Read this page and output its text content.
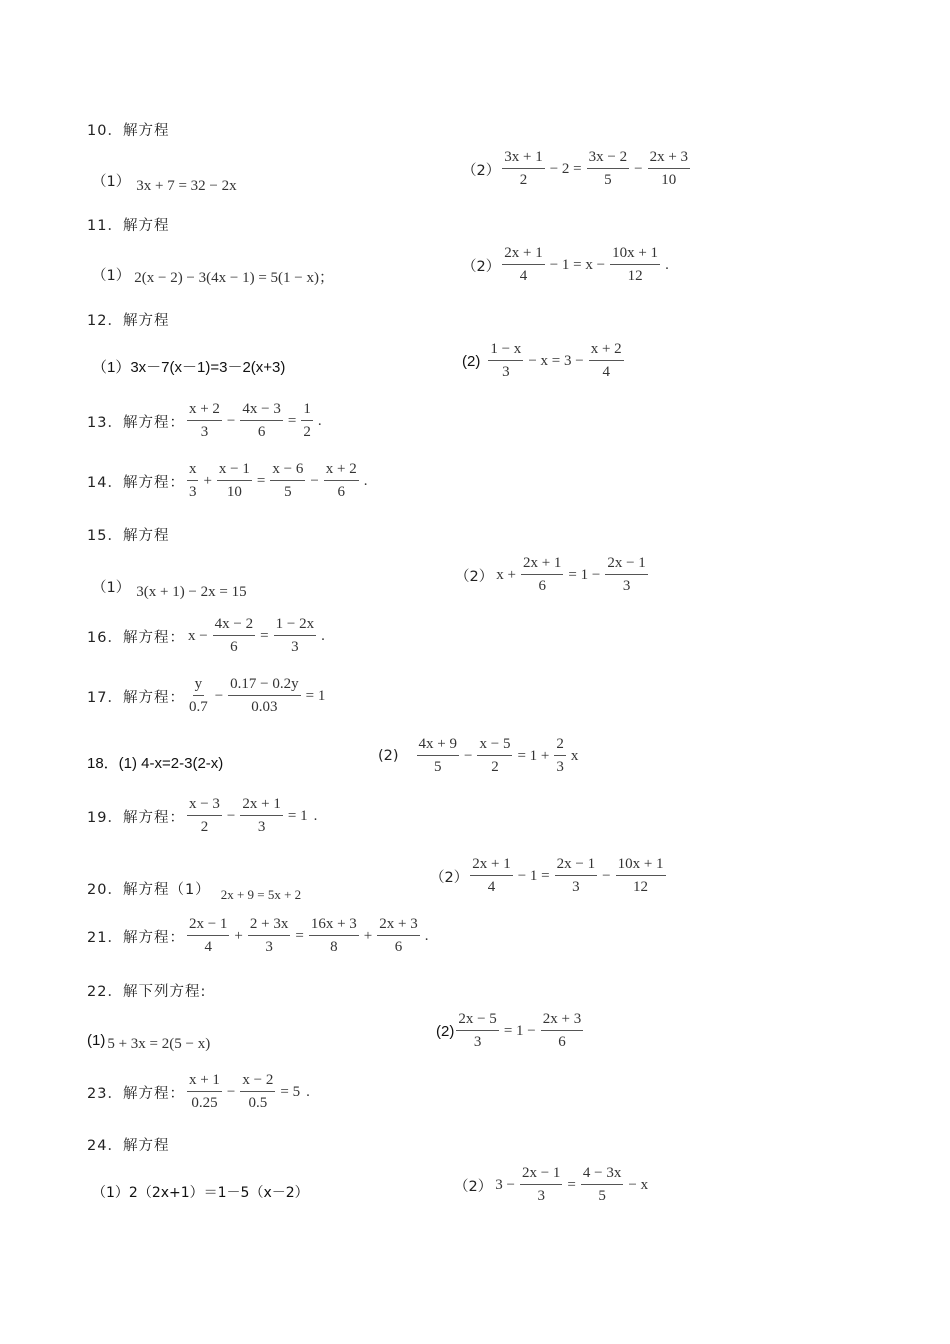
10．解方程
（1） 3x + 7 = 32 − 2x
$(2) \frac{3x + 1}{2} - 2 = \frac{3x - 2}{5} - \frac{2x + 3}{10}$
11．解方程
（1） 2(x − 2) − 3(4x − 1) = 5(1 − x)；
$(2) \frac{2x + 1}{4} - 1 = x - \frac{10x + 1}{12}$ .
12．解方程
（1）3x－7(x－1)=3－2(x+3)	$(2) \frac{1 - x}{3} - x = 3 - \frac{x + 2}{4}$
13．解方程： $\frac{x + 2}{3} - \frac{4x - 3}{6} = \frac{1}{2}$ .
14．解方程： $\frac{x}{3} + \frac{x - 1}{10} = \frac{x - 6}{5} - \frac{x + 2}{6}$ .
15．解方程
（1） 3(x + 1) − 2x = 15
（2） $x + \frac{2x + 1}{6} = 1 - \frac{2x - 1}{3}$
16．解方程： $x - \frac{4x - 2}{6} = \frac{1 - 2x}{3}$ .
17．解方程： $\frac{y}{0.7} - \frac{0.17 - 0.2y}{0.03} = 1$
18．(1) 4-x=2-3(2-x)	$(2) \frac{4x + 9}{5} - \frac{x - 5}{2} = 1 + \frac{2}{3}$ x
19．解方程： $\frac{x - 3}{2} - \frac{2x + 1}{3} = 1$ .
20．解方程（1） 2x + 9 = 5x + 2
$(2) \frac{2x + 1}{4} - 1 = \frac{2x - 1}{3} - \frac{10x + 1}{12}$
21．解方程： $\frac{2x - 1}{4} + \frac{2 + 3x}{3} = \frac{16x + 3}{8} + \frac{2x + 3}{6}$ .
22．解下列方程:
(1) 5 + 3x = 2(5 − x)
$(2) \frac{2x - 5}{3} = 1 - \frac{2x + 3}{6}$
23．解方程： $\frac{x + 1}{0.25} - \frac{x - 2}{0.5} = 5$ .
24．解方程
（1）2（2x+1）＝1－5（x－2）	（2） $3 - \frac{2x - 1}{3} = \frac{4 - 3x}{5} - x$
